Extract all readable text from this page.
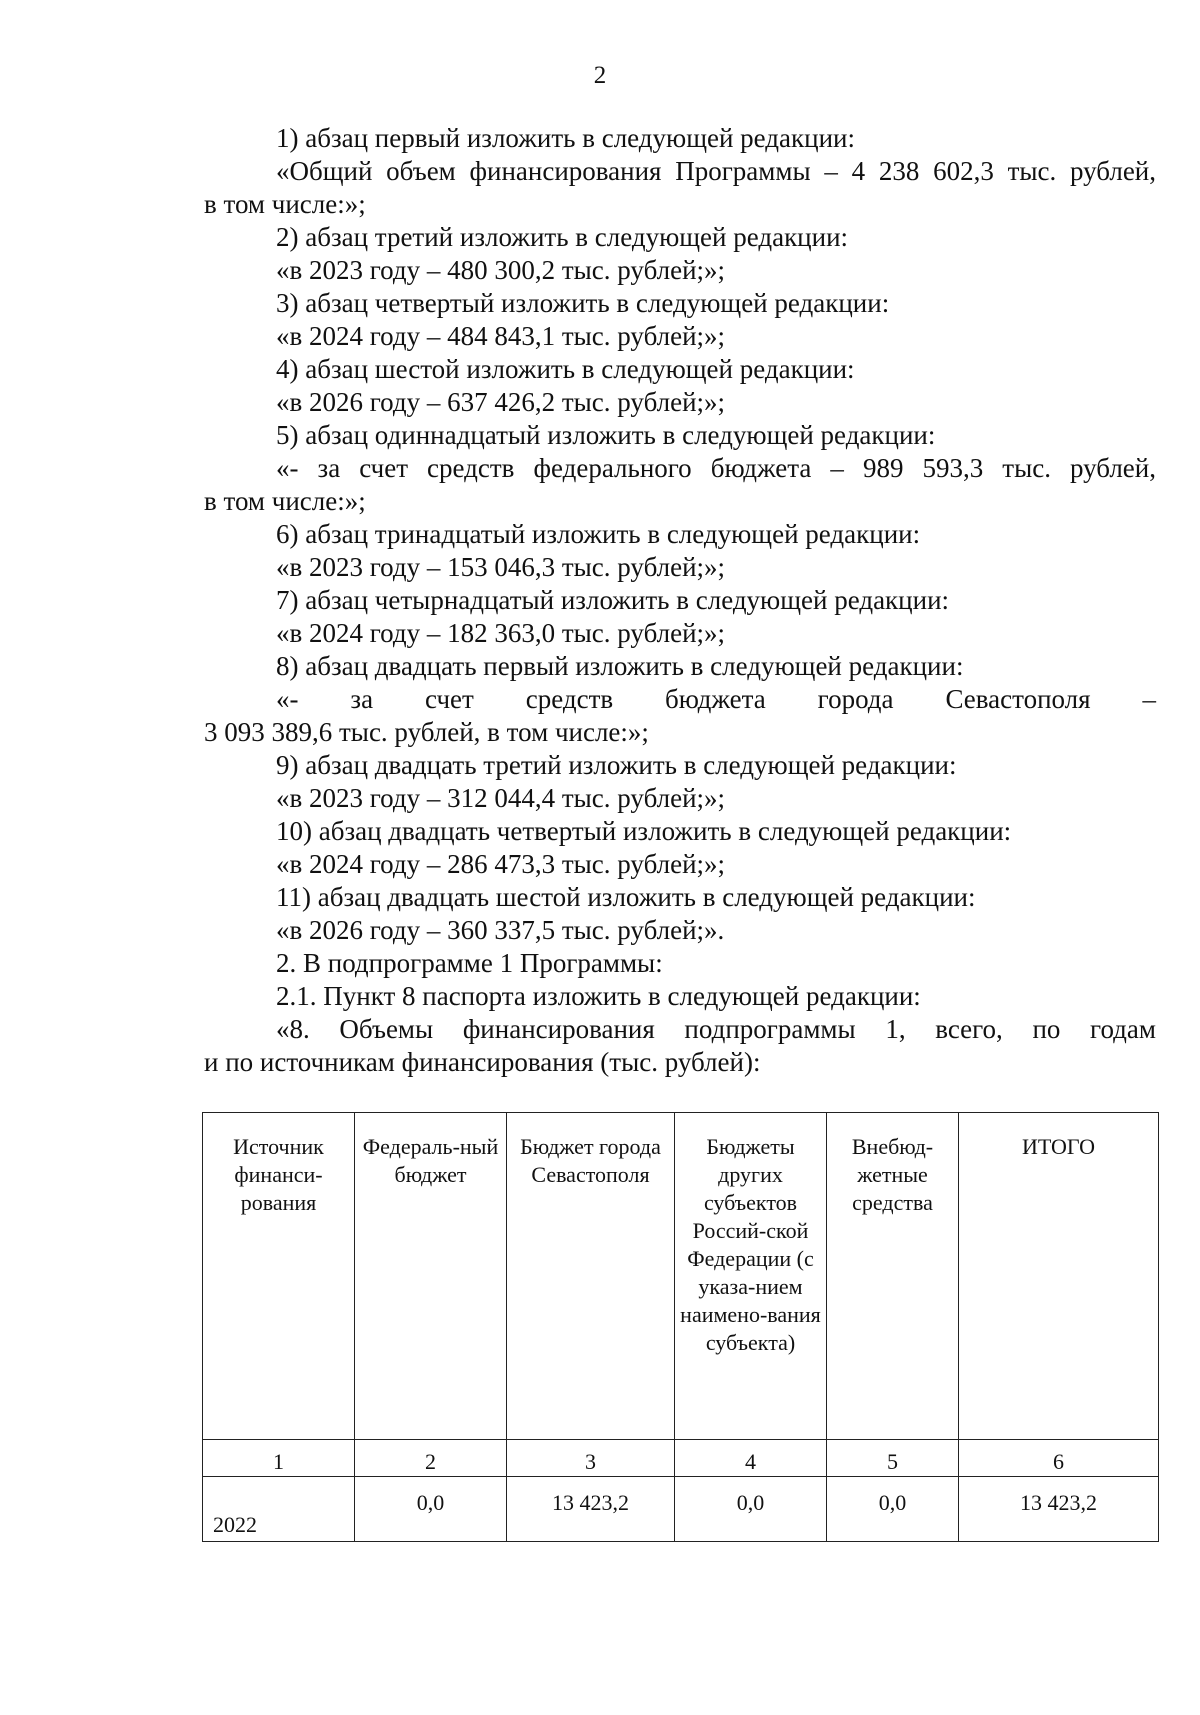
2

1) абзац первый изложить в следующей редакции:

«Общий объем финансирования Программы – 4 238 602,3 тыс. рублей,

в том числе:»;

2) абзац третий изложить в следующей редакции:

«в 2023 году – 480 300,2 тыс. рублей;»;

3) абзац четвертый изложить в следующей редакции:

«в 2024 году – 484 843,1 тыс. рублей;»;

4) абзац шестой изложить в следующей редакции:

«в 2026 году – 637 426,2 тыс. рублей;»;

5) абзац одиннадцатый изложить в следующей редакции:

«- за счет средств федерального бюджета – 989 593,3 тыс. рублей,

в том числе:»;

6) абзац тринадцатый изложить в следующей редакции:

«в 2023 году – 153 046,3 тыс. рублей;»;

7) абзац четырнадцатый изложить в следующей редакции:

«в 2024 году – 182 363,0 тыс. рублей;»;

8) абзац двадцать первый изложить в следующей редакции:

«- за счет средств бюджета города Севастополя –

3 093 389,6 тыс. рублей, в том числе:»;

9) абзац двадцать третий изложить в следующей редакции:

«в 2023 году – 312 044,4 тыс. рублей;»;

10) абзац двадцать четвертый изложить в следующей редакции:

«в 2024 году – 286 473,3 тыс. рублей;»;

11) абзац двадцать шестой изложить в следующей редакции:

«в 2026 году – 360 337,5 тыс. рублей;».

2. В подпрограмме 1 Программы:

2.1. Пункт 8 паспорта изложить в следующей редакции:

«8. Объемы финансирования подпрограммы 1, всего, по годам

и по источникам финансирования (тыс. рублей):

Источник финанси-рования	Федераль-ный бюджет	Бюджет города Севастополя	Бюджеты других субъектов Россий-ской Федерации (с указа-нием наимено-вания субъекта)	Внебюд-жетные средства	ИТОГО
1	2	3	4	5	6
2022	0,0	13 423,2	0,0	0,0	13 423,2
